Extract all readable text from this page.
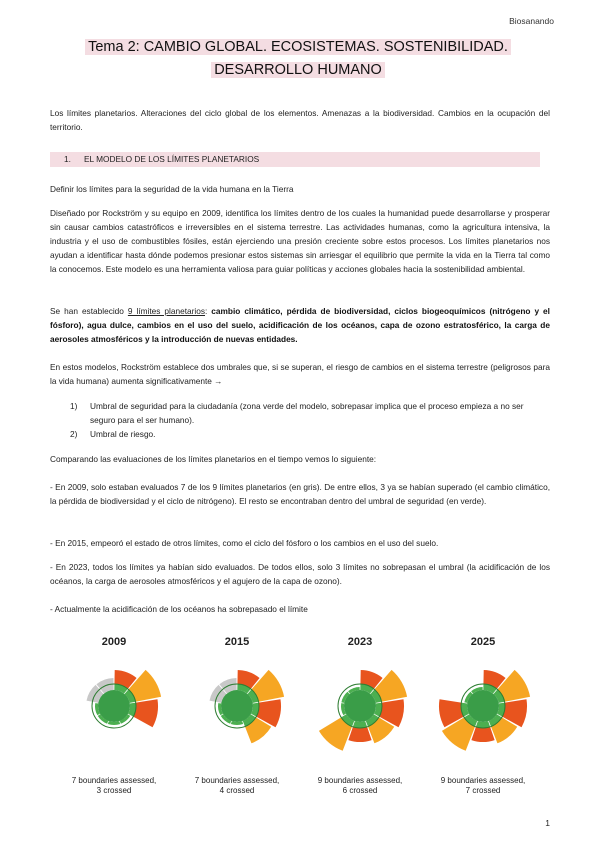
Biosanando
Tema 2: CAMBIO GLOBAL. ECOSISTEMAS. SOSTENIBILIDAD.
DESARROLLO HUMANO
Los límites planetarios. Alteraciones del ciclo global de los elementos. Amenazas a la biodiversidad. Cambios en la ocupación del territorio.
1. EL MODELO DE LOS LÍMITES PLANETARIOS
Definir los límites para la seguridad de la vida humana en la Tierra
Diseñado por Rockström y su equipo en 2009, identifica los límites dentro de los cuales la humanidad puede desarrollarse y prosperar sin causar cambios catastróficos e irreversibles en el sistema terrestre. Las actividades humanas, como la agricultura intensiva, la industria y el uso de combustibles fósiles, están ejerciendo una presión creciente sobre estos procesos. Los límites planetarios nos ayudan a identificar hasta dónde podemos presionar estos sistemas sin arriesgar el equilibrio que permite la vida en la Tierra tal como la conocemos. Este modelo es una herramienta valiosa para guiar políticas y acciones globales hacia la sostenibilidad ambiental.
Se han establecido 9 límites planetarios: cambio climático, pérdida de biodiversidad, ciclos biogeoquímicos (nitrógeno y el fósforo), agua dulce, cambios en el uso del suelo, acidificación de los océanos, capa de ozono estratosférico, la carga de aerosoles atmosféricos y la introducción de nuevas entidades.
En estos modelos, Rockström establece dos umbrales que, si se superan, el riesgo de cambios en el sistema terrestre (peligrosos para la vida humana) aumenta significativamente →
1) Umbral de seguridad para la ciudadanía (zona verde del modelo, sobrepasar implica que el proceso empieza a no ser seguro para el ser humano).
2) Umbral de riesgo.
Comparando las evaluaciones de los límites planetarios en el tiempo vemos lo siguiente:
- En 2009, solo estaban evaluados 7 de los 9 límites planetarios (en gris). De entre ellos, 3 ya se habían superado (el cambio climático, la pérdida de biodiversidad y el ciclo de nitrógeno). El resto se encontraban dentro del umbral de seguridad (en verde).
- En 2015, empeoró el estado de otros límites, como el ciclo del fósforo o los cambios en el uso del suelo.
- En 2023, todos los límites ya habían sido evaluados. De todos ellos, solo 3 límites no sobrepasan el umbral (la acidificación de los océanos, la carga de aerosoles atmosféricos y el agujero de la capa de ozono).
- Actualmente la acidificación de los océanos ha sobrepasado el límite
2009
7 boundaries assessed,
3 crossed
2015
7 boundaries assessed,
4 crossed
2023
9 boundaries assessed,
6 crossed
2025
9 boundaries assessed,
7 crossed
1
